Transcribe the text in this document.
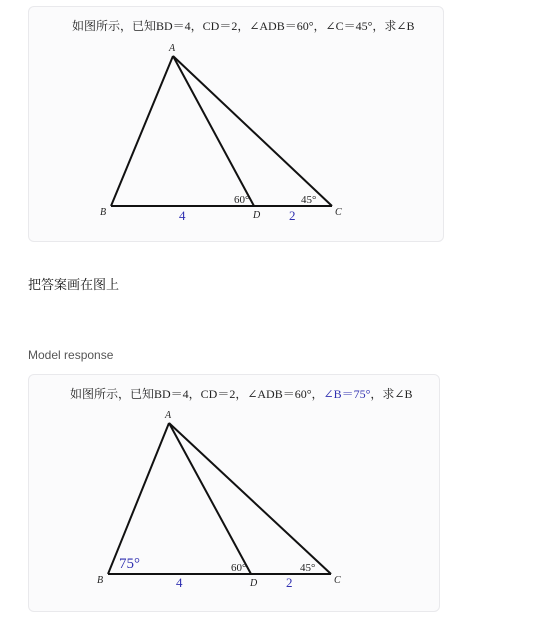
如图所示，已知BD＝4，CD＝2，∠ADB＝60°，∠C＝45°，求∠B
A
B	D	C
60°	45°
4	2
把答案画在图上
Model response
如图所示，已知BD＝4，CD＝2，∠ADB＝60°，∠B＝75°，求∠B
A
B	D	C
75°	60°	45°
4	2
